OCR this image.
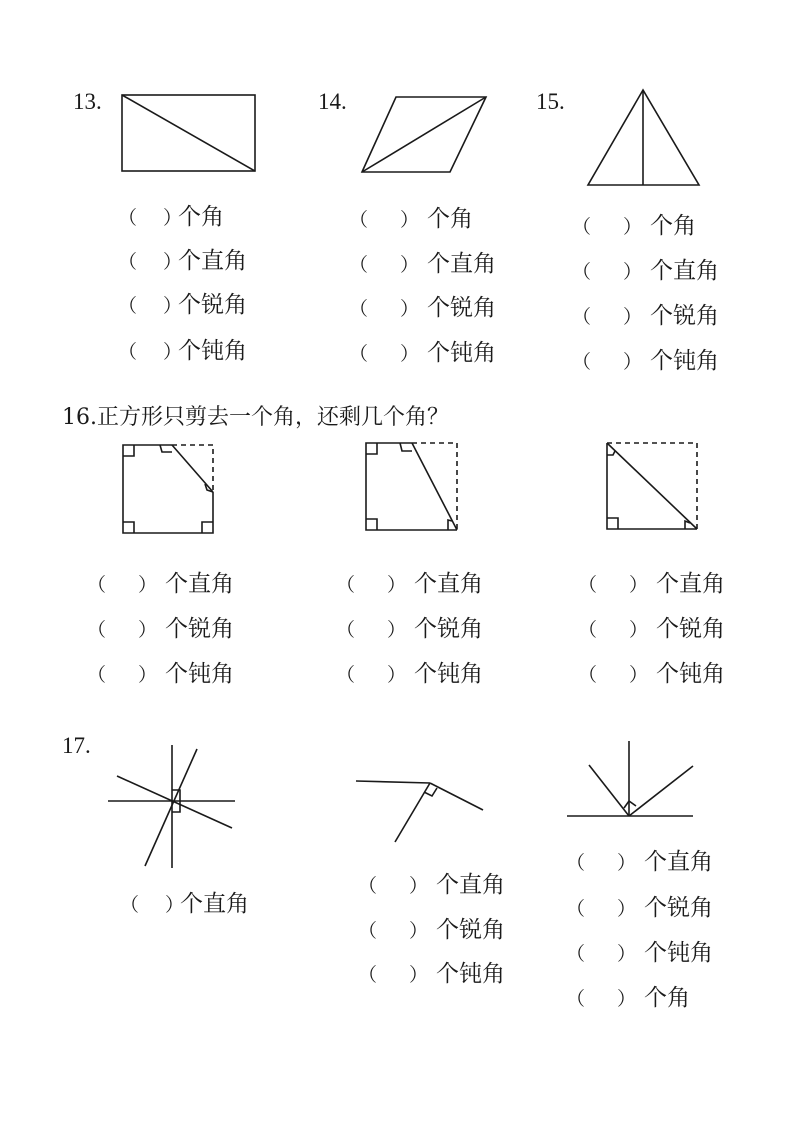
13.	14.	15.
16.正方形只剪去一个角，还剩几个角？
17.
（ ）个角
（ ）个直角
（ ）个锐角
（ ）个钝角
（ ） 个角
（ ） 个直角
（ ） 个锐角
（ ） 个钝角
（ ） 个角
（ ） 个直角
（ ） 个锐角
（ ） 个钝角
（ ） 个直角
（ ） 个锐角
（ ） 个钝角
（ ） 个直角
（ ） 个锐角
（ ） 个钝角
（ ） 个直角
（ ） 个锐角
（ ） 个钝角
（ ）个直角
（ ） 个直角
（ ） 个锐角
（ ） 个钝角
（ ） 个直角
（ ） 个锐角
（ ） 个钝角
（ ） 个角
